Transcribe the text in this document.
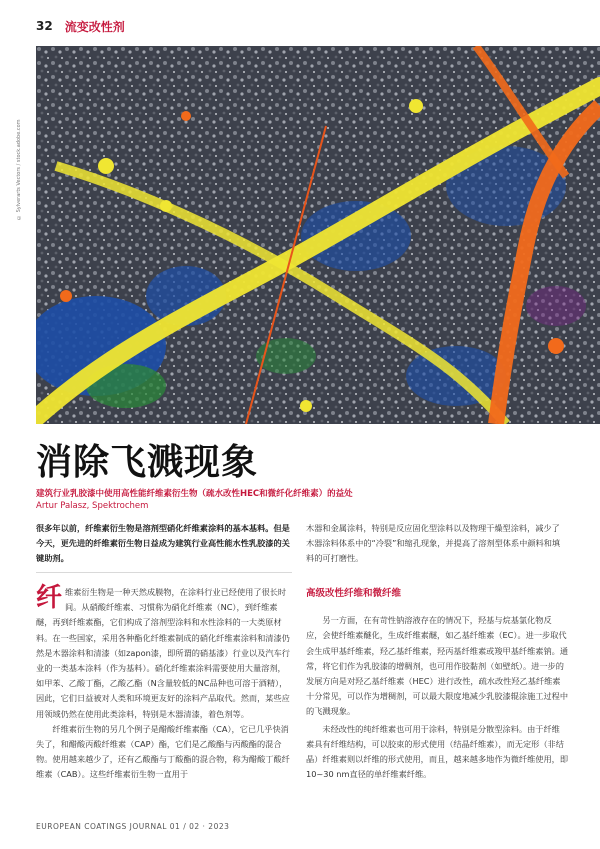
32 流变改性剂
© Sylverarts Vectors / stock.adobe.com
消除飞溅现象

建筑行业乳胶漆中使用高性能纤维素衍生物（疏水改性HEC和微纤化纤维素）的益处

Artur Palasz, Spektrochem

很多年以前，纤维素衍生物是溶剂型硝化纤维素涂料的基本基料。但是今天，更先进的纤维素衍生物日益成为建筑行业高性能水性乳胶漆的关键助剂。

木器和金属涂料，特别是反应固化型涂料以及物理干燥型涂料，减少了木器涂料体系中的“冷裂”和缩孔现象，并提高了溶剂型体系中颜料和填料的可打磨性。

纤维素衍生物是一种天然成膜物，在涂料行业已经使用了很长时间。从硝酸纤维素、习惯称为硝化纤维素（NC），到纤维素醚，再到纤维素酯，它们构成了溶剂型涂料和水性涂料的一大类原材料。在一些国家，采用各种酯化纤维素制成的硝化纤维素涂料和清漆仍然是木器涂料和清漆（如zapon漆，即所谓的硝基漆）行业以及汽车行业的一类基本涂料（作为基料）。硝化纤维素涂料需要使用大量溶剂，如甲苯、乙酸丁酯，乙酸乙酯（N含量较低的NC品种也可溶于酒精），因此，它们日益被对人类和环境更友好的涂料产品取代。然而，某些应用领域仍然在使用此类涂料，特别是木器清漆，着色剂等。

纤维素衍生物的另几个例子是醋酸纤维素酯（CA），它已几乎快消失了，和醋酸丙酸纤维素（CAP）酯，它们是乙酸酯与丙酸酯的混合物。使用越来越少了，还有乙酸酯与丁酸酯的混合物，称为醋酸丁酸纤维素（CAB）。这些纤维素衍生物一直用于

高级改性纤维和微纤维

另一方面，在有苛性钠溶液存在的情况下，羟基与烷基氯化物反应，会使纤维素醚化，生成纤维素醚，如乙基纤维素（EC）。进一步取代会生成甲基纤维素，羟乙基纤维素，羟丙基纤维素或羧甲基纤维素钠。通常，将它们作为乳胶漆的增稠剂，也可用作胶黏剂（如壁纸）。进一步的发展方向是对羟乙基纤维素（HEC）进行改性，疏水改性羟乙基纤维素十分常见，可以作为增稠剂，可以最大限度地减少乳胶漆辊涂施工过程中的飞溅现象。

未经改性的纯纤维素也可用于涂料，特别是分散型涂料。由于纤维素具有纤维结构，可以胶束的形式使用（结晶纤维素），而无定形（非结晶）纤维素则以纤维的形式使用，而且，越来越多地作为微纤维使用，即10~30 nm直径的单纤维素纤维。

EUROPEAN COATINGS JOURNAL 01 / 02 · 2023
